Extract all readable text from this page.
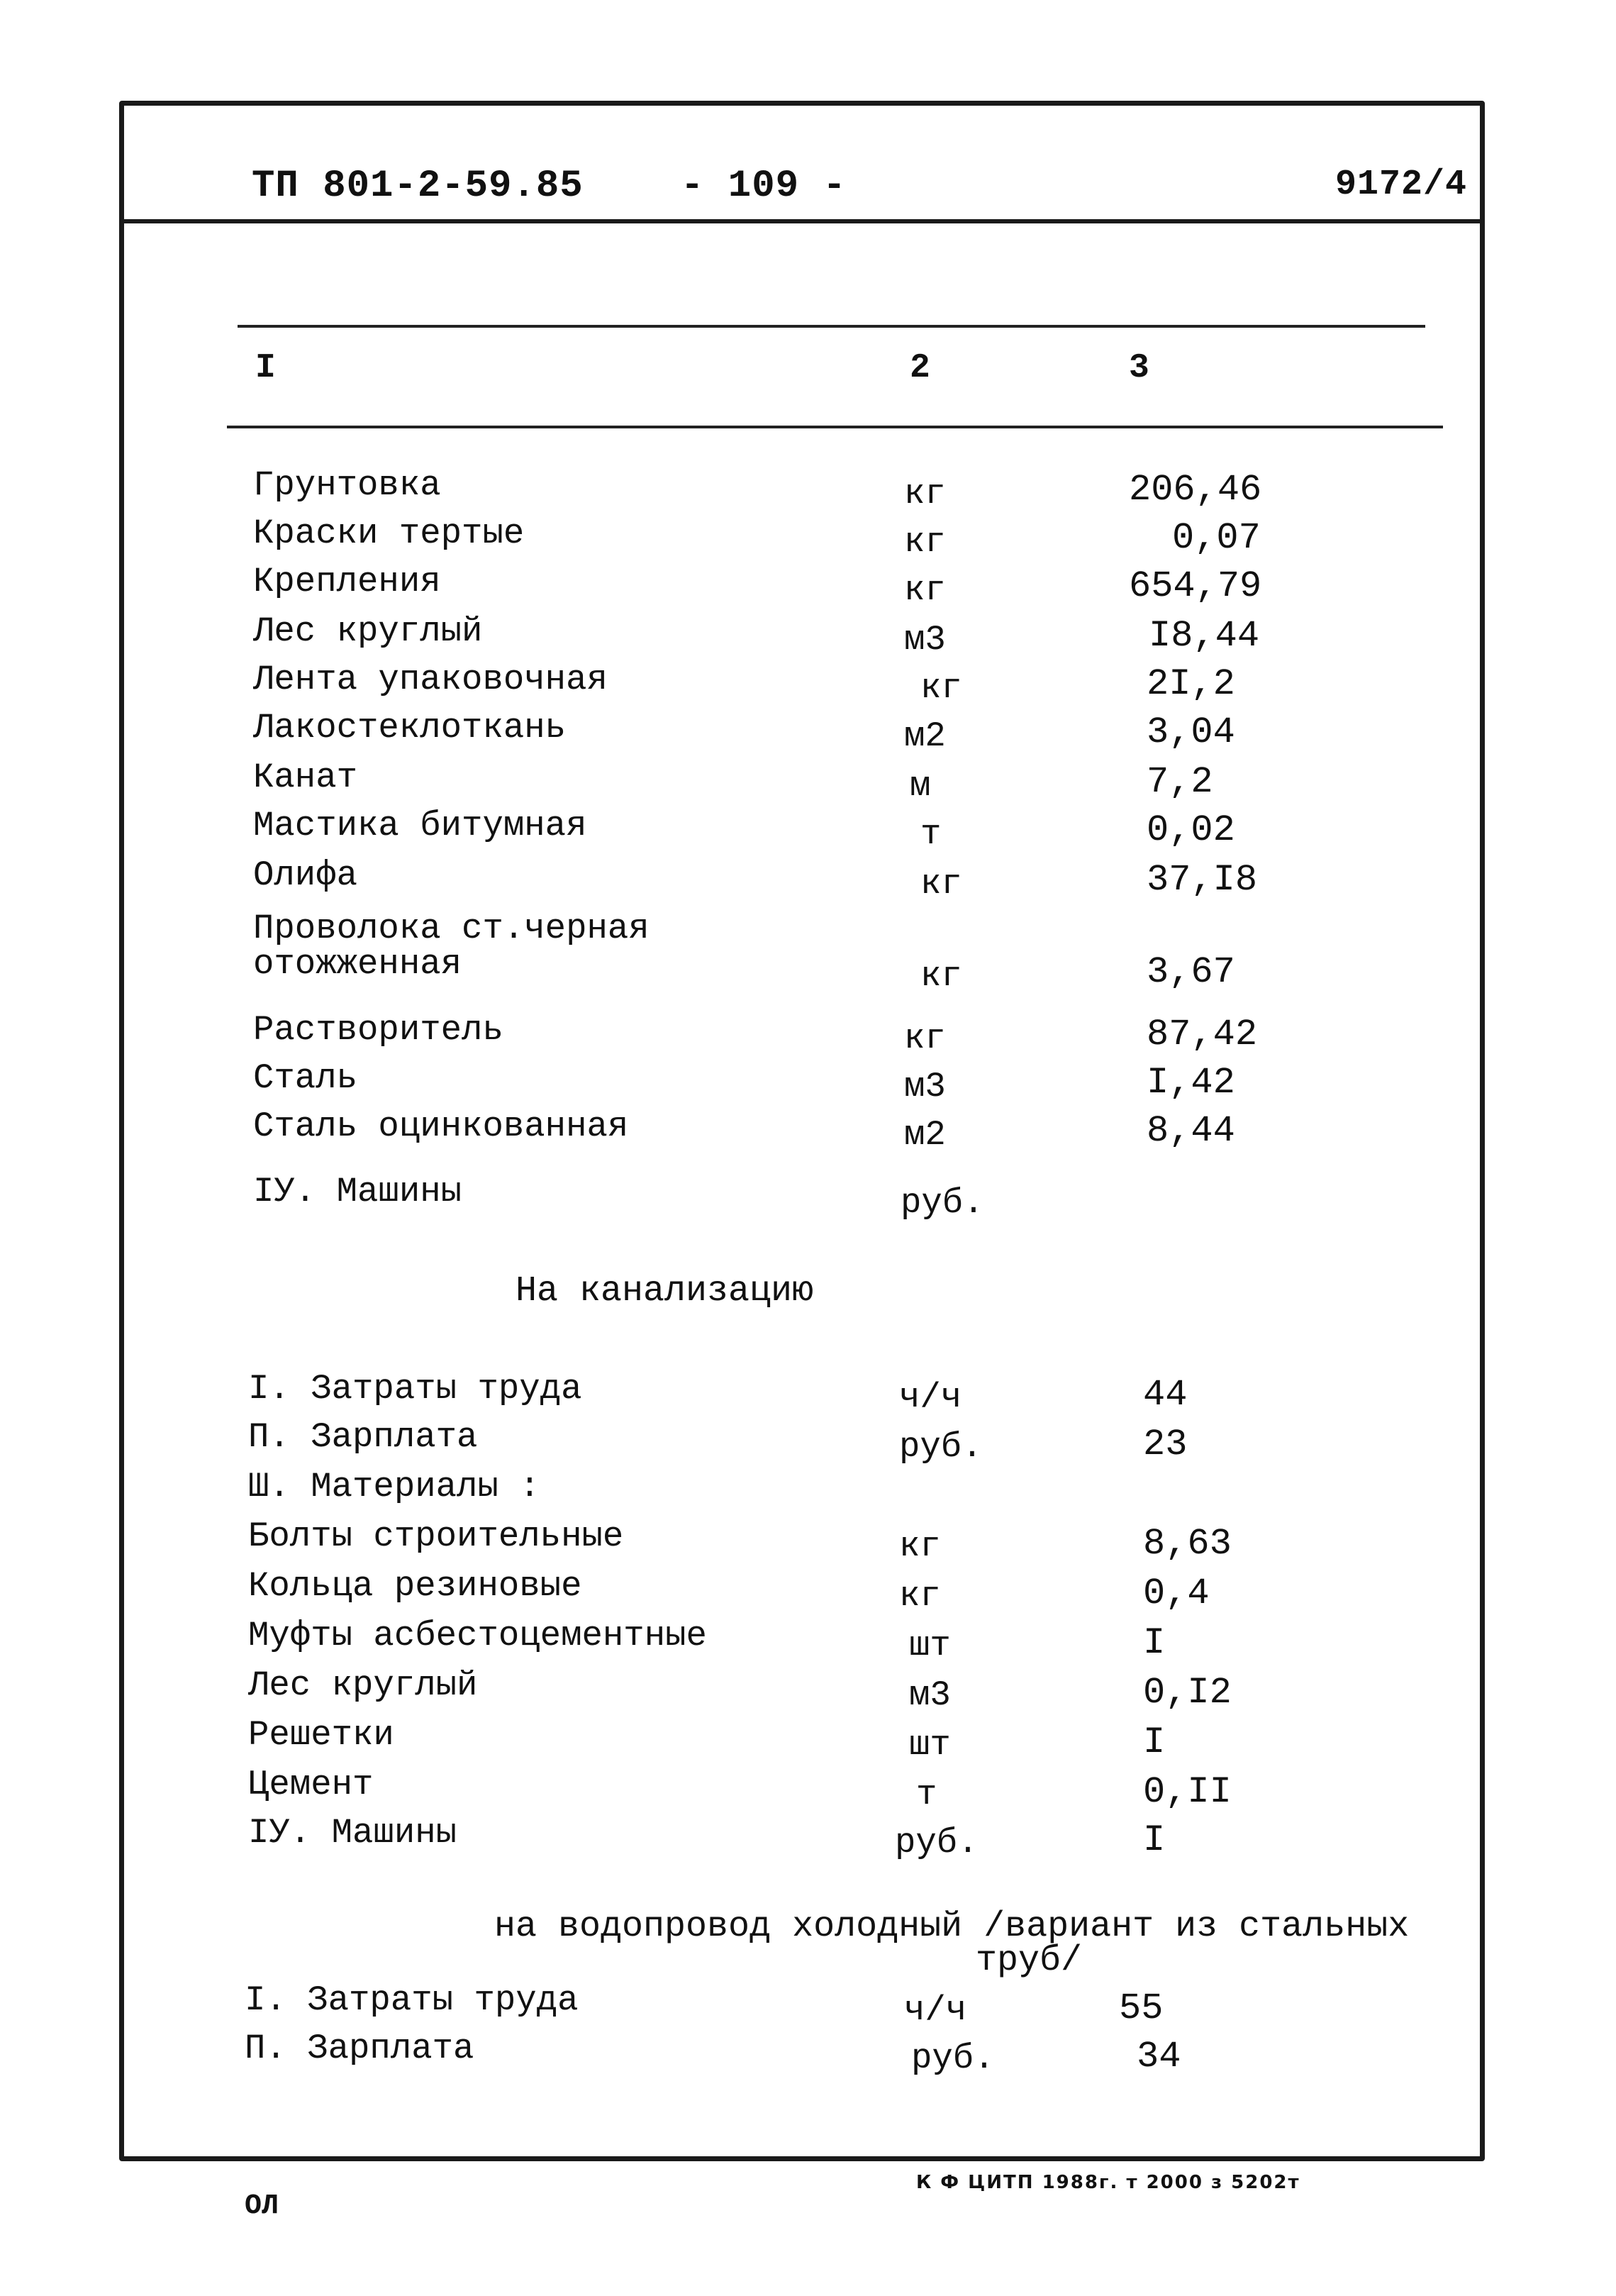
ТП 801-2-59.85	- 109 -	9172/4
I	2	3
Грунтовка	кг	206,46
Краски тертые	кг	0,07
Крепления	кг	654,79
Лес круглый	м3	I8,44
Лента упаковочная	кг	2I,2
Лакостеклоткань	м2	3,04
Канат	м	7,2
Мастика битумная	т	0,02
Олифа	кг	37,I8
Проволока ст.черная
отожженная	кг	3,67
Растворитель	кг	87,42
Сталь	м3	I,42
Сталь оцинкованная	м2	8,44
IУ. Машины	руб.
На канализацию
I. Затраты труда	ч/ч	44
П. Зарплата	руб.	23
Ш. Материалы :
Болты строительные	кг	8,63
Кольца резиновые	кг	0,4
Муфты асбестоцементные	шт	I
Лес круглый	м3	0,I2
Решетки	шт	I
Цемент	т	0,II
IУ. Машины	руб.	I
на водопровод холодный /вариант из стальных
труб/
I. Затраты труда	ч/ч	55
П. Зарплата	руб.	34
ОЛ
К Ф ЦИТП 1988г. т 2000 з 5202т
